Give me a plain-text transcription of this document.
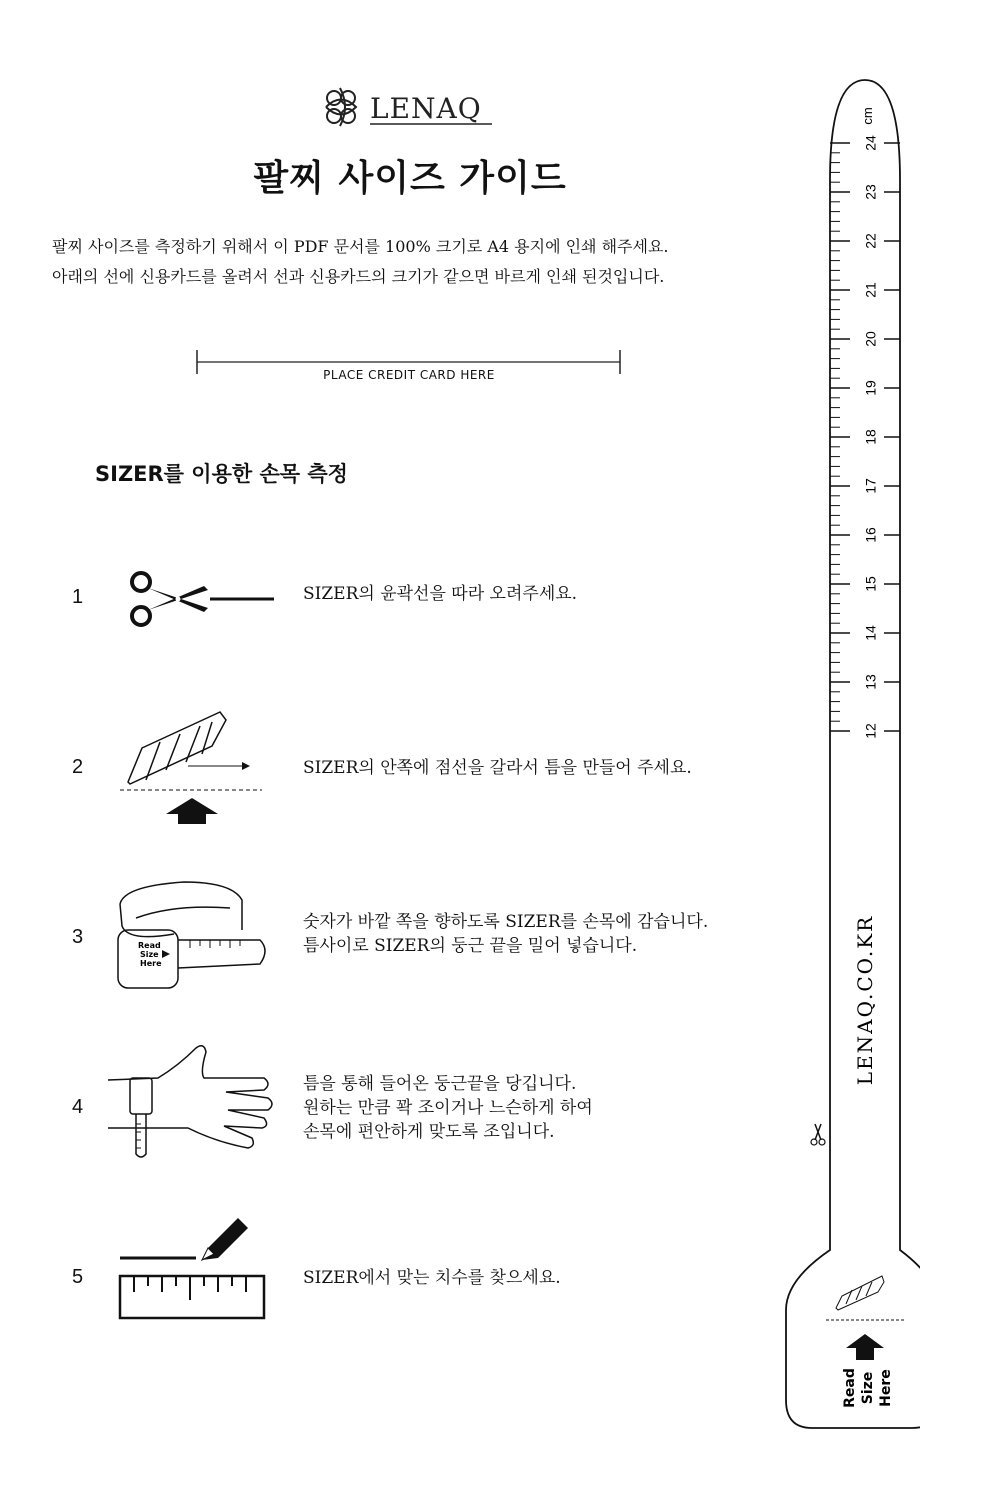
LENAQ
팔찌 사이즈 가이드
팔찌 사이즈를 측정하기 위해서 이 PDF 문서를 100% 크기로 A4 용지에 인쇄 해주세요.
아래의 선에 신용카드를 올려서 선과 신용카드의 크기가 같으면 바르게 인쇄 된것입니다.
PLACE CREDIT CARD HERE
SIZER를 이용한 손목 측정
1	SIZER의 윤곽선을 따라 오려주세요.
2	SIZER의 안쪽에 점선을 갈라서 틈을 만들어 주세요.
3	Read
Size
Here
숫자가 바깥 쪽을 향하도록 SIZER를 손목에 감습니다.
틈사이로 SIZER의 둥근 끝을 밀어 넣습니다.
4
틈을 통해 들어온 둥근끝을 당깁니다.
원하는 만큼 꽉 조이거나 느슨하게 하여
손목에 편안하게 맞도록 조입니다.
5	SIZER에서 맞는 치수를 찾으세요.
24
23
22
21
20
19
18
17
16
15
14
13
12
cm
LENAQ.CO.KR
Read Size Here
